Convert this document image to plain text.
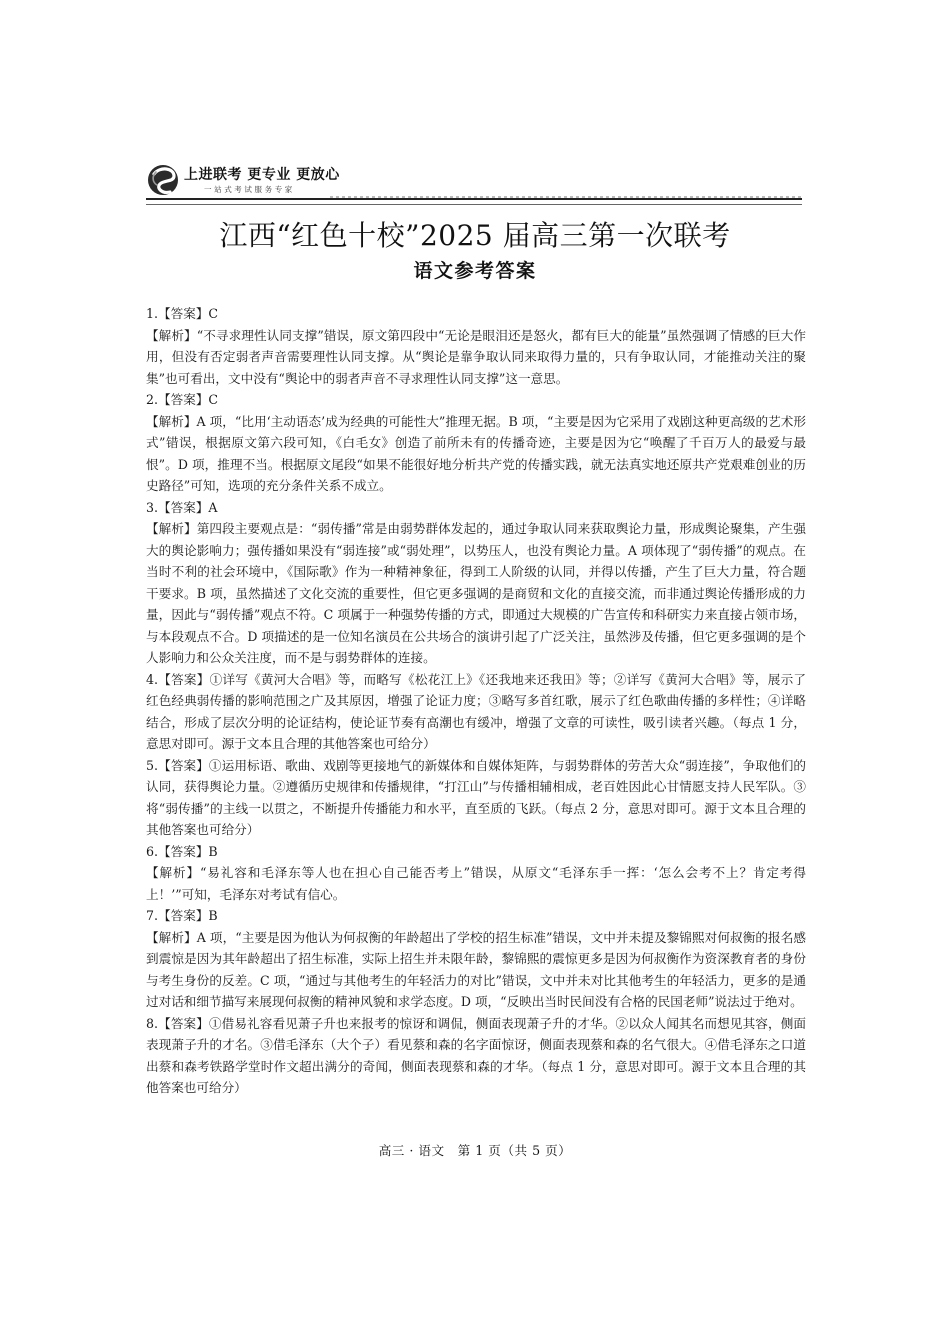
上进联考 更专业 更放心
一站式考试服务专家
江西“红色十校”2025 届高三第一次联考
语文参考答案
1.【答案】C

【解析】“不寻求理性认同支撑”错误，原文第四段中“无论是眼泪还是怒火，都有巨大的能量”虽然强调了情感的巨大作用，但没有否定弱者声音需要理性认同支撑。从“舆论是靠争取认同来取得力量的，只有争取认同，才能推动关注的聚集”也可看出，文中没有“舆论中的弱者声音不寻求理性认同支撑”这一意思。

2.【答案】C

【解析】A 项，“比用‘主动语态’成为经典的可能性大”推理无据。B 项，“主要是因为它采用了戏剧这种更高级的艺术形式”错误，根据原文第六段可知，《白毛女》创造了前所未有的传播奇迹，主要是因为它“唤醒了千百万人的最爱与最恨”。D 项，推理不当。根据原文尾段“如果不能很好地分析共产党的传播实践，就无法真实地还原共产党艰难创业的历史路径”可知，选项的充分条件关系不成立。

3.【答案】A

【解析】第四段主要观点是：“弱传播”常是由弱势群体发起的，通过争取认同来获取舆论力量，形成舆论聚集，产生强大的舆论影响力；强传播如果没有“弱连接”或“弱处理”，以势压人，也没有舆论力量。A 项体现了“弱传播”的观点。在当时不利的社会环境中，《国际歌》作为一种精神象征，得到工人阶级的认同，并得以传播，产生了巨大力量，符合题干要求。B 项，虽然描述了文化交流的重要性，但它更多强调的是商贸和文化的直接交流，而非通过舆论传播形成的力量，因此与“弱传播”观点不符。C 项属于一种强势传播的方式，即通过大规模的广告宣传和科研实力来直接占领市场，与本段观点不合。D 项描述的是一位知名演员在公共场合的演讲引起了广泛关注，虽然涉及传播，但它更多强调的是个人影响力和公众关注度，而不是与弱势群体的连接。

4.【答案】①详写《黄河大合唱》等，而略写《松花江上》《还我地来还我田》等；②详写《黄河大合唱》等，展示了红色经典弱传播的影响范围之广及其原因，增强了论证力度；③略写多首红歌，展示了红色歌曲传播的多样性；④详略结合，形成了层次分明的论证结构，使论证节奏有高潮也有缓冲，增强了文章的可读性，吸引读者兴趣。（每点 1 分，意思对即可。源于文本且合理的其他答案也可给分）

5.【答案】①运用标语、歌曲、戏剧等更接地气的新媒体和自媒体矩阵，与弱势群体的劳苦大众“弱连接”，争取他们的认同，获得舆论力量。②遵循历史规律和传播规律，“打江山”与传播相辅相成，老百姓因此心甘情愿支持人民军队。③将“弱传播”的主线一以贯之，不断提升传播能力和水平，直至质的飞跃。（每点 2 分，意思对即可。源于文本且合理的其他答案也可给分）

6.【答案】B

【解析】“易礼容和毛泽东等人也在担心自己能否考上”错误，从原文“毛泽东手一挥：‘怎么会考不上？肯定考得上！’”可知，毛泽东对考试有信心。

7.【答案】B

【解析】A 项，“主要是因为他认为何叔衡的年龄超出了学校的招生标准”错误，文中并未提及黎锦熙对何叔衡的报名感到震惊是因为其年龄超出了招生标准，实际上招生并未限年龄，黎锦熙的震惊更多是因为何叔衡作为资深教育者的身份与考生身份的反差。C 项，“通过与其他考生的年轻活力的对比”错误，文中并未对比其他考生的年轻活力，更多的是通过对话和细节描写来展现何叔衡的精神风貌和求学态度。D 项，“反映出当时民间没有合格的民国老师”说法过于绝对。

8.【答案】①借易礼容看见萧子升也来报考的惊讶和调侃，侧面表现萧子升的才华。②以众人闻其名而想见其容，侧面表现萧子升的才名。③借毛泽东（大个子）看见蔡和森的名字面惊讶，侧面表现蔡和森的名气很大。④借毛泽东之口道出蔡和森考铁路学堂时作文超出满分的奇闻，侧面表现蔡和森的才华。（每点 1 分，意思对即可。源于文本且合理的其他答案也可给分）

高三 · 语文　第 1 页（共 5 页）
